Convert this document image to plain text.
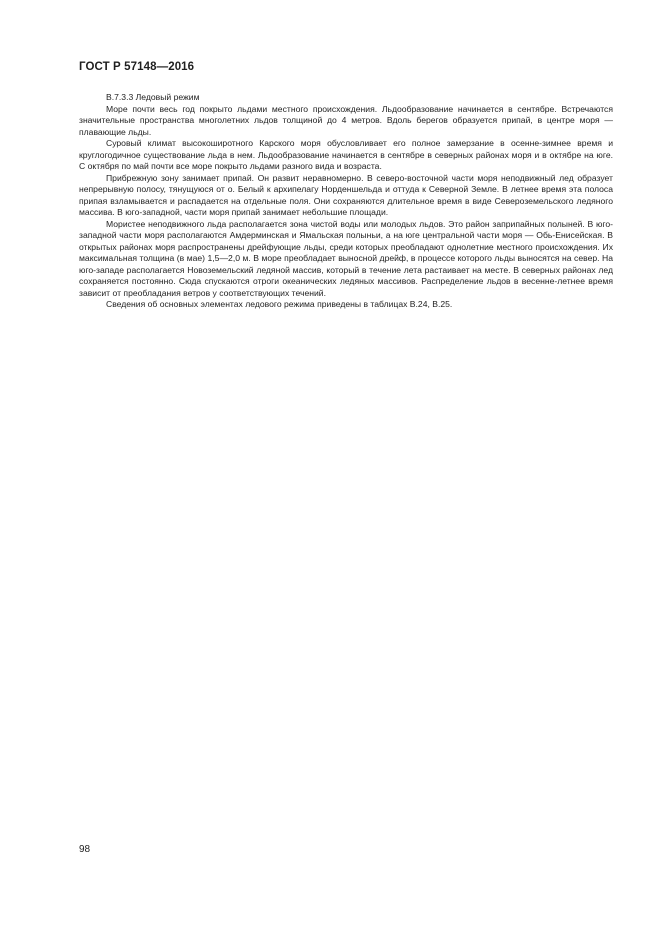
ГОСТ Р 57148—2016

В.7.3.3 Ледовый режим

Море почти весь год покрыто льдами местного происхождения. Льдообразование начинается в сентябре. Встречаются значительные пространства многолетних льдов толщиной до 4 метров. Вдоль берегов образуется припай, в центре моря — плавающие льды.

Суровый климат высокоширотного Карского моря обусловливает его полное замерзание в осенне-зимнее время и круглогодичное существование льда в нем. Льдообразование начинается в сентябре в северных районах моря и в октябре на юге. С октября по май почти все море покрыто льдами разного вида и возраста.

Прибрежную зону занимает припай. Он развит неравномерно. В северо-восточной части моря неподвижный лед образует непрерывную полосу, тянущуюся от о. Белый к архипелагу Норденшельда и оттуда к Северной Земле. В летнее время эта полоса припая взламывается и распадается на отдельные поля. Они сохраняются длительное время в виде Североземельского ледяного массива. В юго-западной, части моря припай занимает небольшие площади.

Мористее неподвижного льда располагается зона чистой воды или молодых льдов. Это район заприпайных полыней. В юго-западной части моря располагаются Амдерминская и Ямальская полыньи, а на юге центральной части моря — Обь-Енисейская. В открытых районах моря распространены дрейфующие льды, среди которых преобладают однолетние местного происхождения. Их максимальная толщина (в мае) 1,5—2,0 м. В море преобладает выносной дрейф, в процессе которого льды выносятся на север. На юго-западе располагается Новоземельский ледяной массив, который в течение лета растаивает на месте. В северных районах лед сохраняется постоянно. Сюда спускаются отроги океанических ледяных массивов. Распределение льдов в весенне-летнее время зависит от преобладания ветров у соответствующих течений.

Сведения об основных элементах ледового режима приведены в таблицах В.24, В.25.

98
